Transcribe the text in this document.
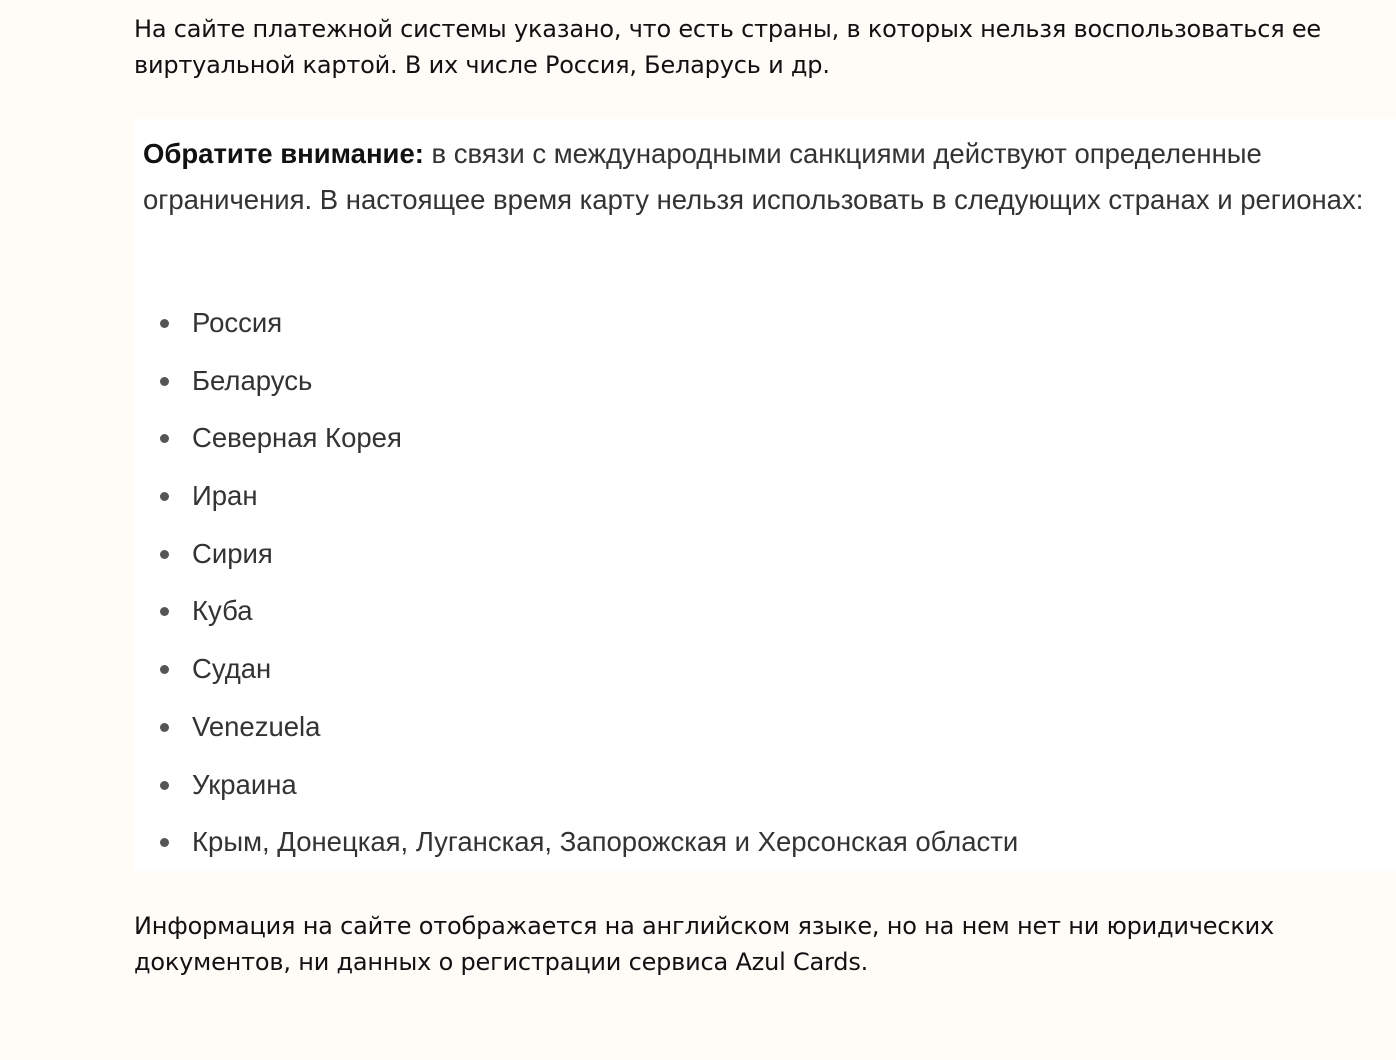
На сайте платежной системы указано, что есть страны, в которых нельзя воспользоваться ее виртуальной картой. В их числе Россия, Беларусь и др.

Обратите внимание: в связи с международными санкциями действуют определенные ограничения. В настоящее время карту нельзя использовать в следующих странах и регионах:

Россия
Беларусь
Северная Корея
Иран
Сирия
Куба
Судан
Venezuela
Украина
Крым, Донецкая, Луганская, Запорожская и Херсонская области

Информация на сайте отображается на английском языке, но на нем нет ни юридических документов, ни данных о регистрации сервиса Azul Cards.
